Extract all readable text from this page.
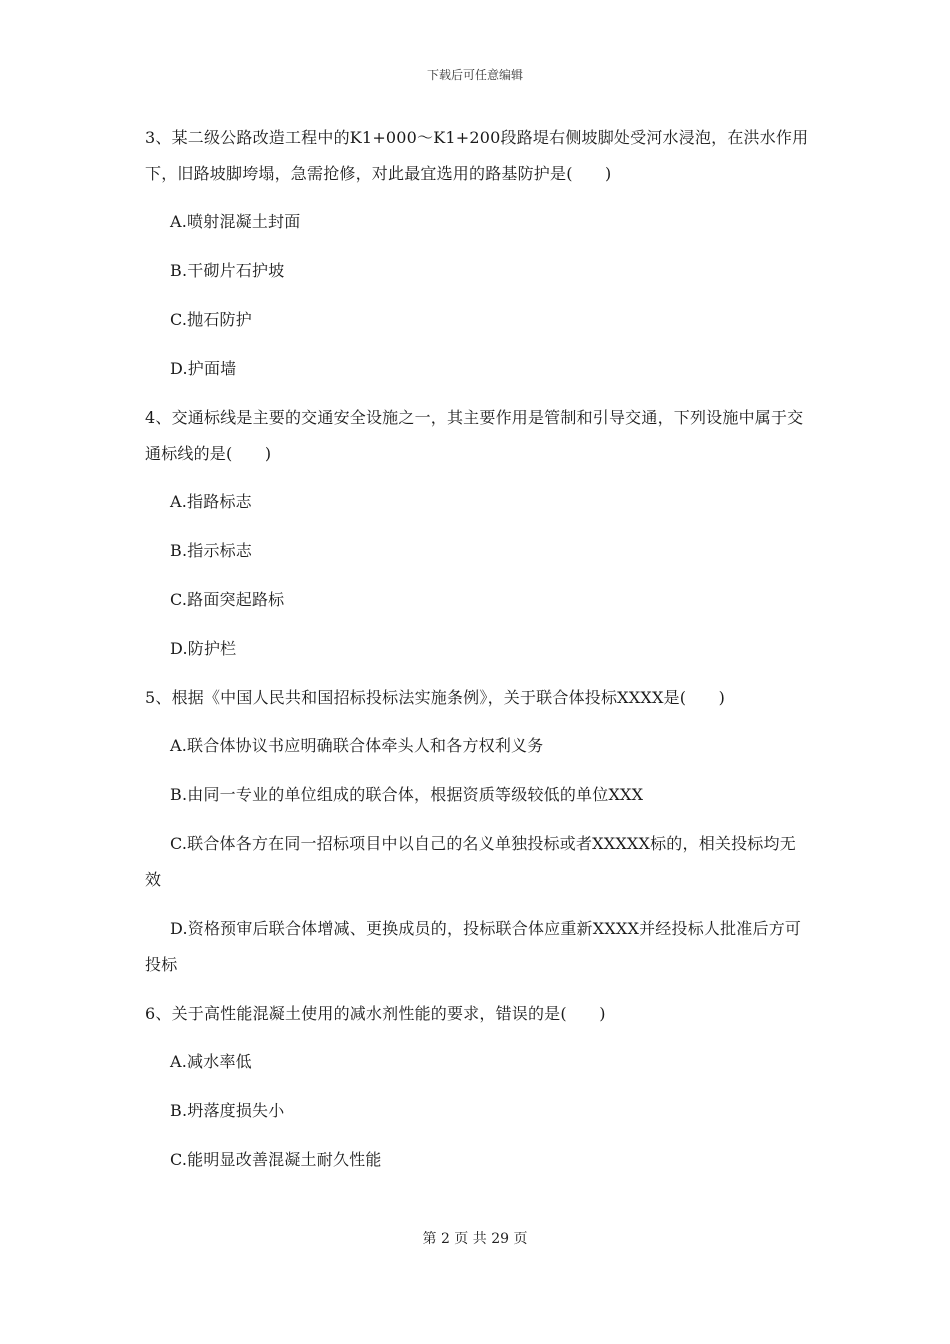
下载后可任意编辑

3、某二级公路改造工程中的K1+000～K1+200段路堤右侧坡脚处受河水浸泡，在洪水作用下，旧路坡脚垮塌，急需抢修，对此最宜选用的路基防护是(　　)

A.喷射混凝土封面

B.干砌片石护坡

C.抛石防护

D.护面墙

4、交通标线是主要的交通安全设施之一，其主要作用是管制和引导交通，下列设施中属于交通标线的是(　　)

A.指路标志

B.指示标志

C.路面突起路标

D.防护栏

5、根据《中国人民共和国招标投标法实施条例》，关于联合体投标XXXX是(　　)

A.联合体协议书应明确联合体牵头人和各方权利义务

B.由同一专业的单位组成的联合体，根据资质等级较低的单位XXX

C.联合体各方在同一招标项目中以自己的名义单独投标或者XXXXX标的，相关投标均无效

D.资格预审后联合体增减、更换成员的，投标联合体应重新XXXX并经投标人批准后方可投标

6、关于高性能混凝土使用的减水剂性能的要求，错误的是(　　)

A.减水率低

B.坍落度损失小

C.能明显改善混凝土耐久性能

第 2 页 共 29 页
